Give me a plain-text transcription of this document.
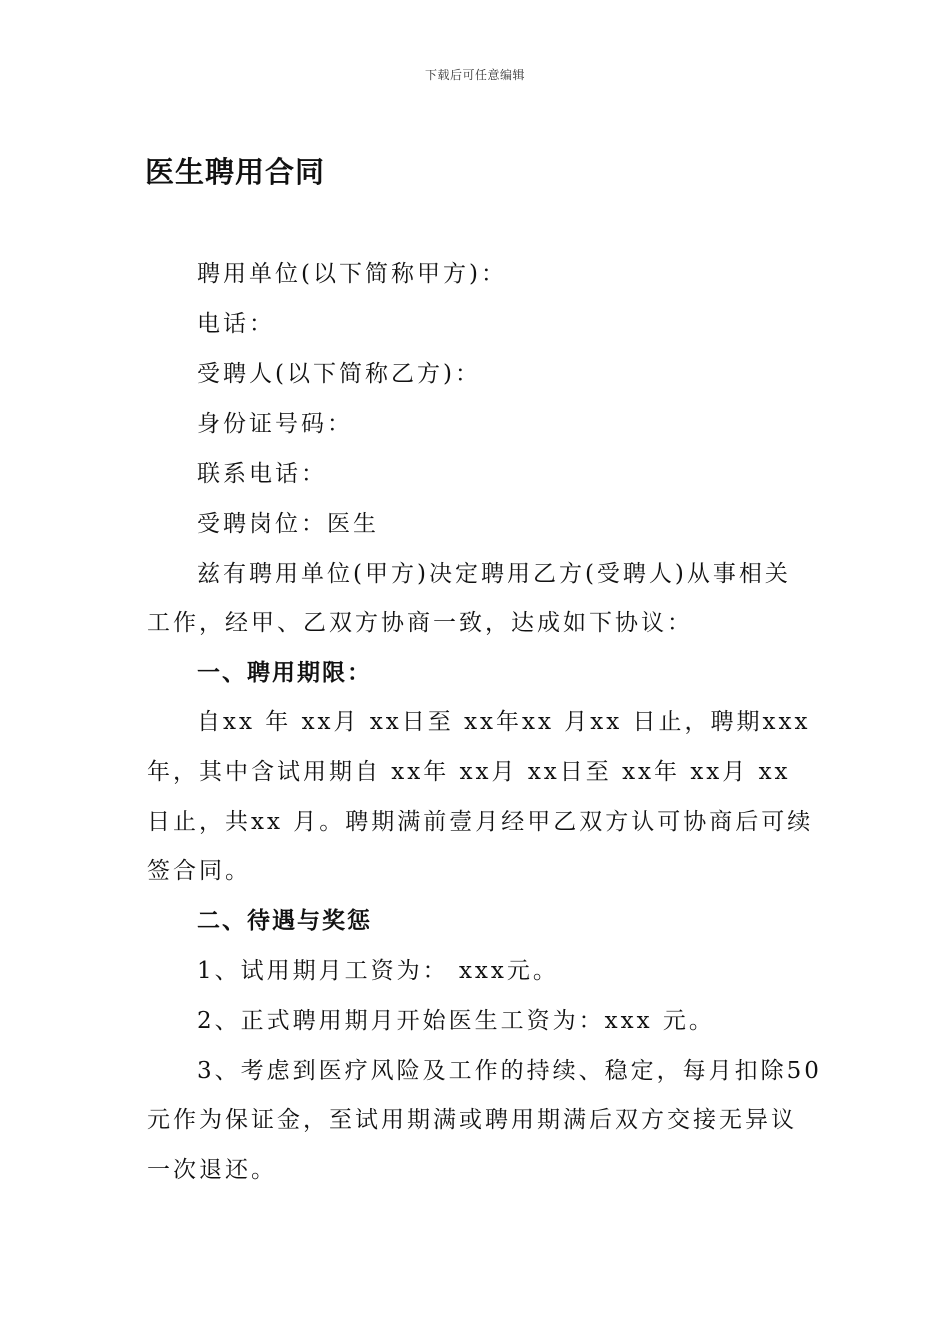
下载后可任意编辑
医生聘用合同
聘用单位(以下简称甲方)：
电话：
受聘人(以下简称乙方)：
身份证号码：
联系电话：
受聘岗位：医生
兹有聘用单位(甲方)决定聘用乙方(受聘人)从事相关
工作，经甲、乙双方协商一致，达成如下协议：
一、聘用期限：
自xx 年 xx月 xx日至 xx年xx 月xx 日止，聘期xxx
年，其中含试用期自 xx年 xx月 xx日至 xx年 xx月 xx
日止，共xx 月。聘期满前壹月经甲乙双方认可协商后可续
签合同。
二、待遇与奖惩
1、试用期月工资为： xxx元。
2、正式聘用期月开始医生工资为：xxx 元。
3、考虑到医疗风险及工作的持续、稳定，每月扣除50
元作为保证金，至试用期满或聘用期满后双方交接无异议
一次退还。
